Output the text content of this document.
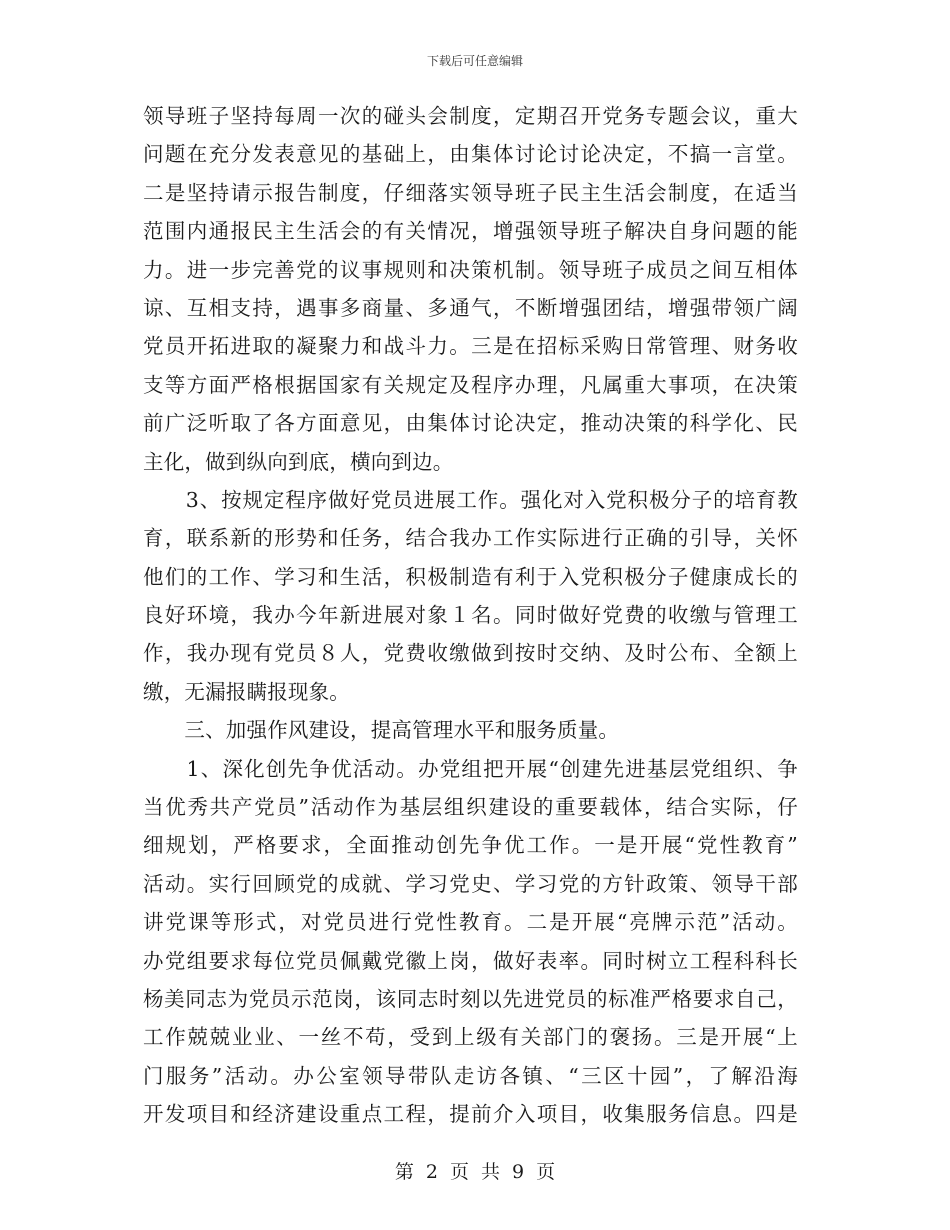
下载后可任意编辑
领导班子坚持每周一次的碰头会制度，定期召开党务专题会议，重大
问题在充分发表意见的基础上，由集体讨论讨论决定，不搞一言堂。
二是坚持请示报告制度，仔细落实领导班子民主生活会制度，在适当
范围内通报民主生活会的有关情况，增强领导班子解决自身问题的能
力。进一步完善党的议事规则和决策机制。领导班子成员之间互相体
谅、互相支持，遇事多商量、多通气，不断增强团结，增强带领广阔
党员开拓进取的凝聚力和战斗力。三是在招标采购日常管理、财务收
支等方面严格根据国家有关规定及程序办理，凡属重大事项，在决策
前广泛听取了各方面意见，由集体讨论决定，推动决策的科学化、民
主化，做到纵向到底，横向到边。
　　3、按规定程序做好党员进展工作。强化对入党积极分子的培育教
育，联系新的形势和任务，结合我办工作实际进行正确的引导，关怀
他们的工作、学习和生活，积极制造有利于入党积极分子健康成长的
良好环境，我办今年新进展对象１名。同时做好党费的收缴与管理工
作，我办现有党员８人，党费收缴做到按时交纳、及时公布、全额上
缴，无漏报瞒报现象。
　　三、加强作风建设，提高管理水平和服务质量。
　　1、深化创先争优活动。办党组把开展“创建先进基层党组织、争
当优秀共产党员”活动作为基层组织建设的重要载体，结合实际，仔
细规划，严格要求，全面推动创先争优工作。一是开展“党性教育”
活动。实行回顾党的成就、学习党史、学习党的方针政策、领导干部
讲党课等形式，对党员进行党性教育。二是开展“亮牌示范”活动。
办党组要求每位党员佩戴党徽上岗，做好表率。同时树立工程科科长
杨美同志为党员示范岗，该同志时刻以先进党员的标准严格要求自己，
工作兢兢业业、一丝不苟，受到上级有关部门的褒扬。三是开展“上
门服务”活动。办公室领导带队走访各镇、“三区十园”，了解沿海
开发项目和经济建设重点工程，提前介入项目，收集服务信息。四是
第 2 页 共 9 页
